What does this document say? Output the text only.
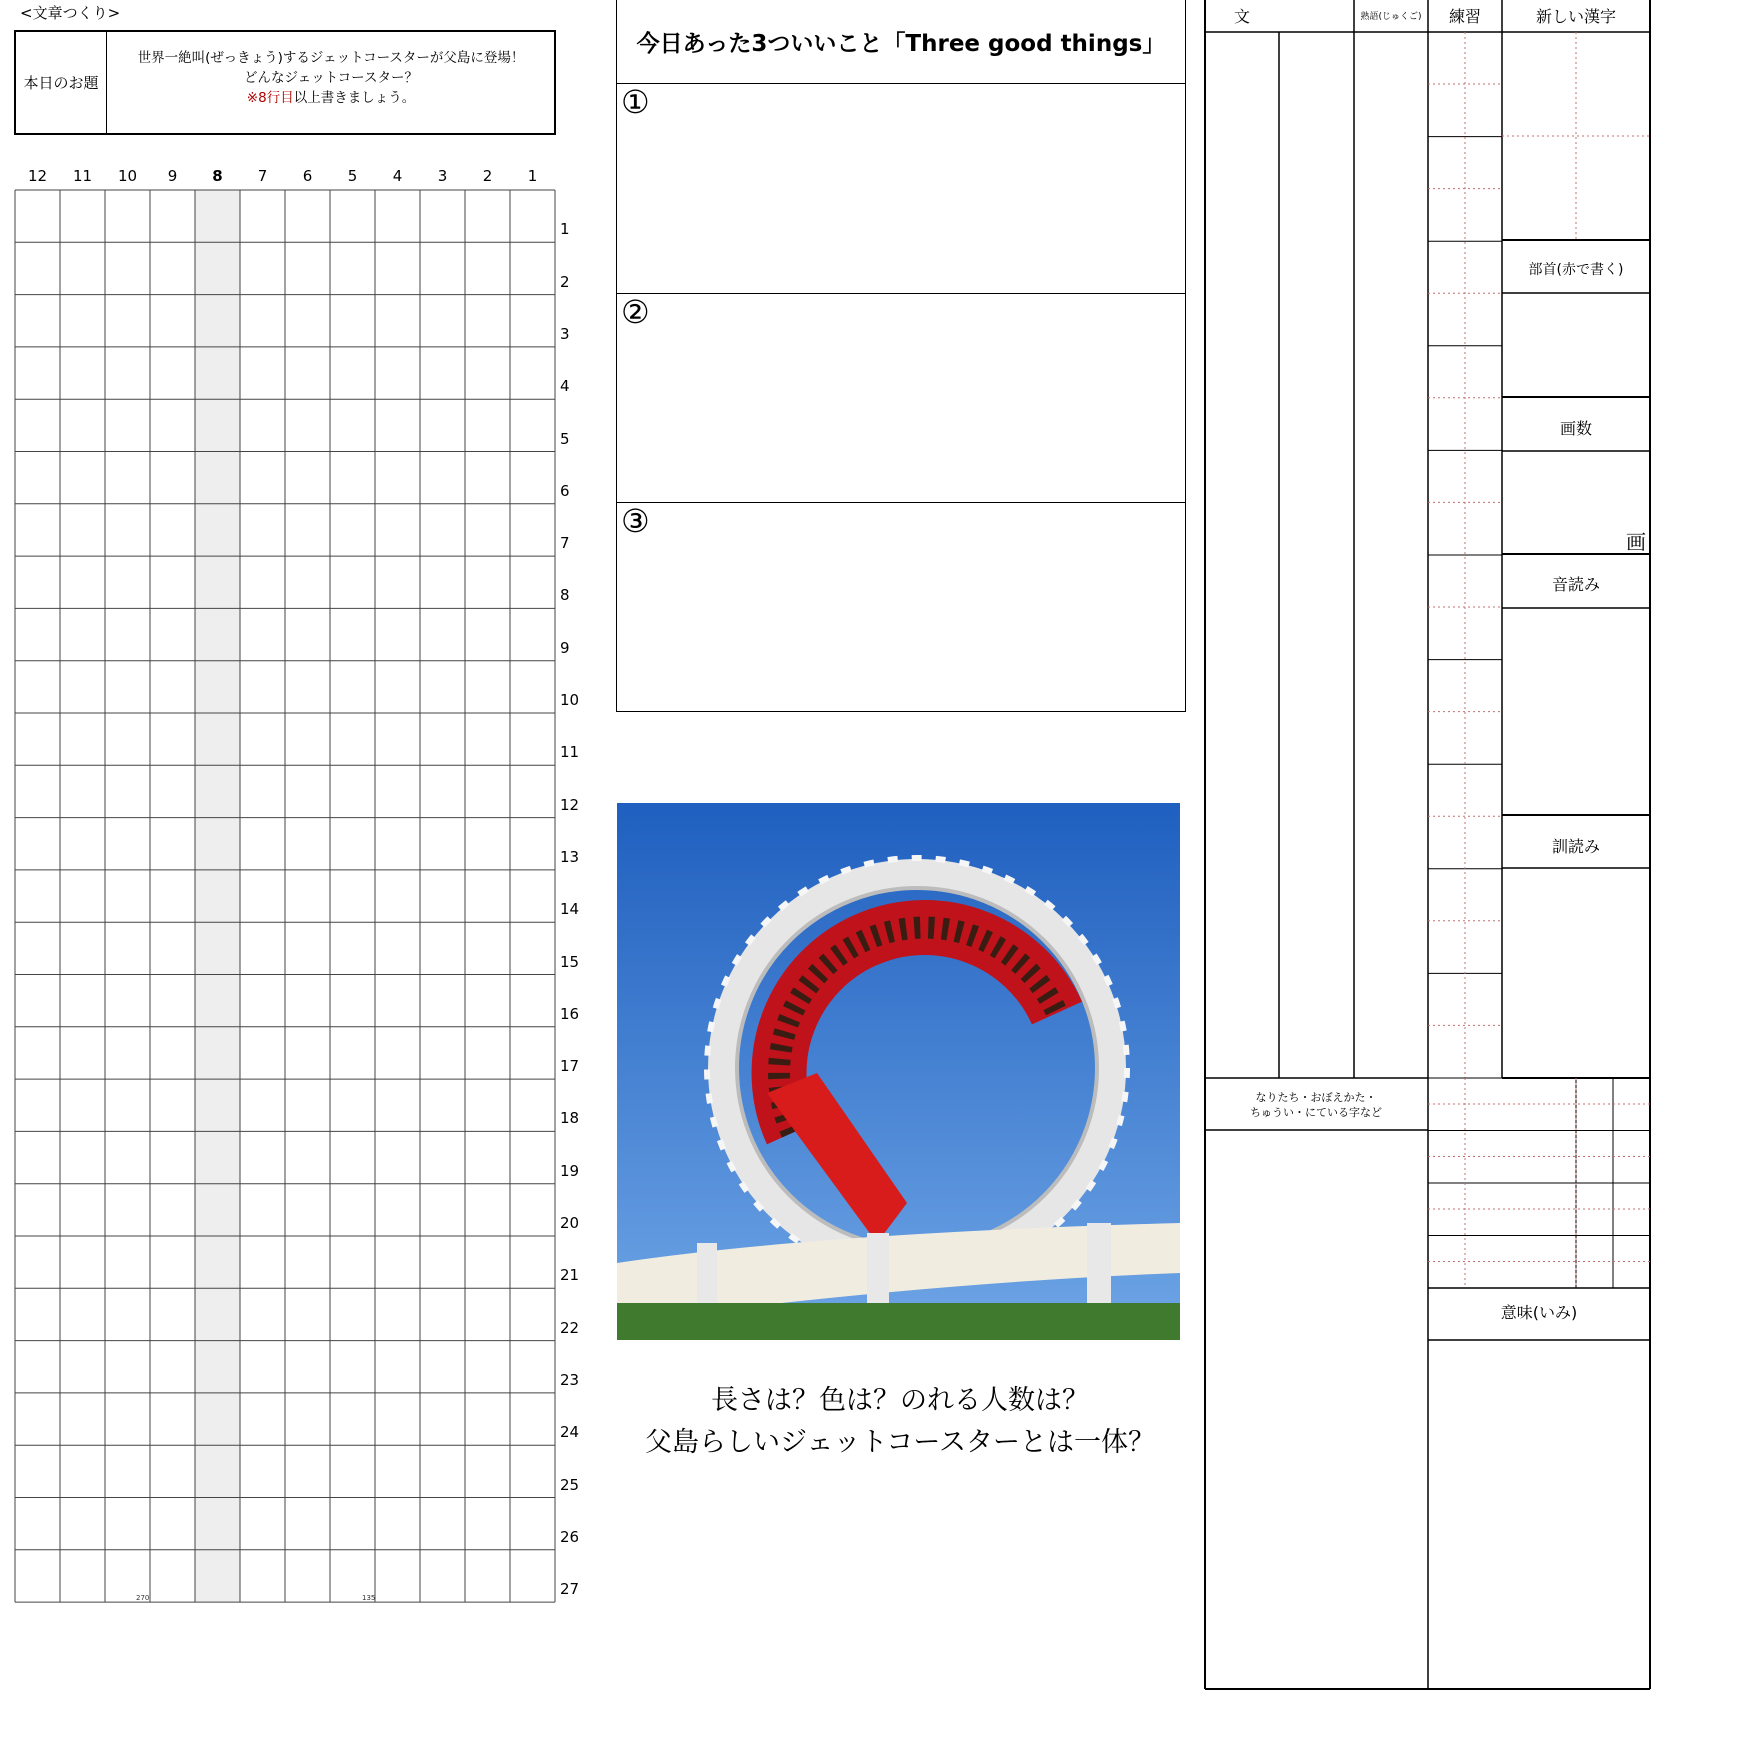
<文章つくり>
本日のお題
世界一絶叫(ぜっきょう)するジェットコースターが父島に登場！
どんなジェットコースター？
※8行目以上書きましょう。
12	11	10	9	8	7	6	5	4	3	2	1
1
2
3
4
5
6
7
8
9
10
11
12
13
14
15
16
17
18
19
20
21
22
23
24
25
26
27
270	135
今日あった3ついいこと「Three good things」
①
②
③
長さは？色は？のれる人数は？
父島らしいジェットコースターとは一体？
文	熟語(じゅくご)	練習	新しい漢字
部首(赤で書く)
画数
画
音読み
訓読み
なりたち・おぼえかた・
ちゅうい・にている字など
意味(いみ)
